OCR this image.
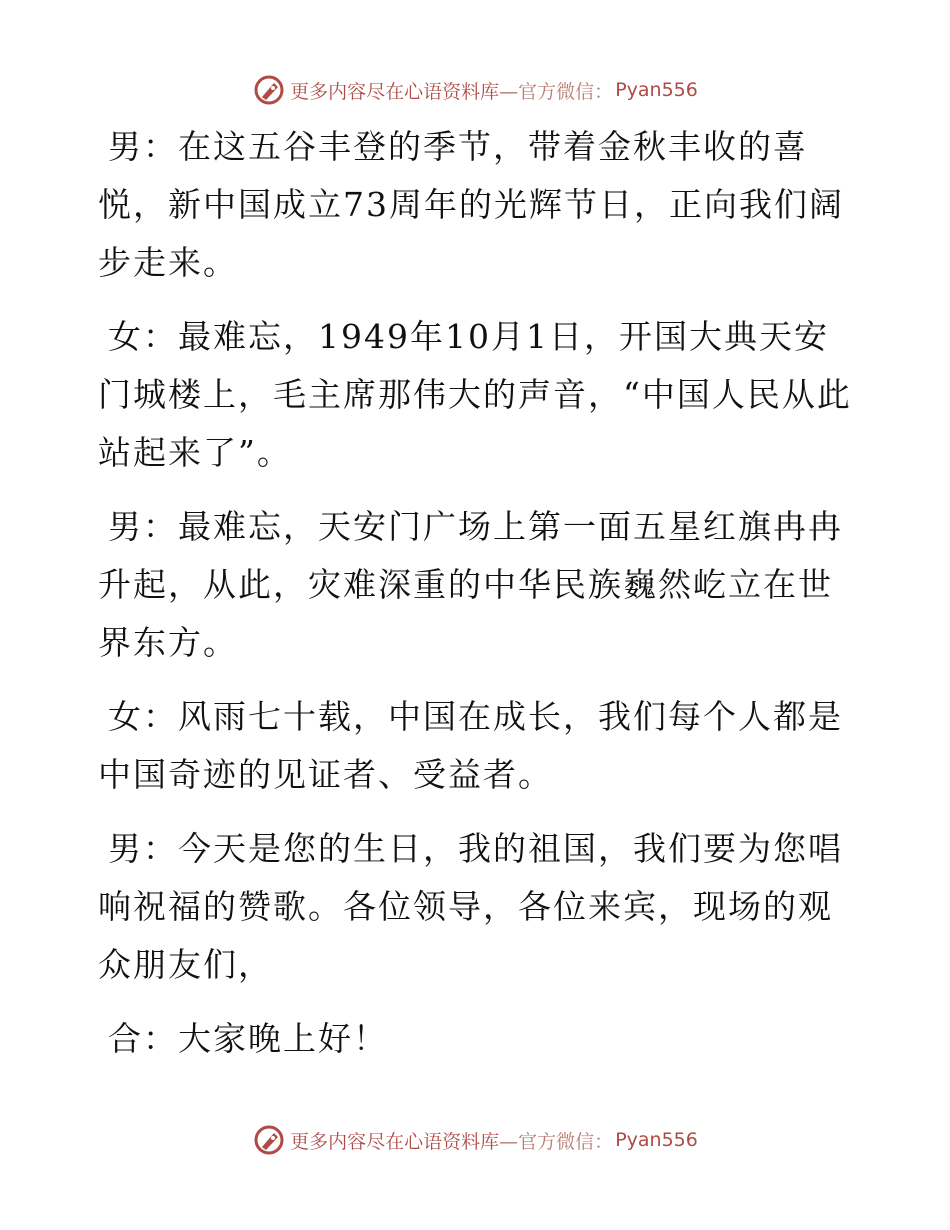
更多内容尽在心语资料库 —官方微信： Pyan556

男：在这五谷丰登的季节，带着金秋丰收的喜悦，新中国成立73周年的光辉节日，正向我们阔步走来。

女：最难忘，1949年10月1日，开国大典天安门城楼上，毛主席那伟大的声音，“中国人民从此站起来了”。

男：最难忘，天安门广场上第一面五星红旗冉冉升起，从此，灾难深重的中华民族巍然屹立在世界东方。

女：风雨七十载，中国在成长，我们每个人都是中国奇迹的见证者、受益者。

男：今天是您的生日，我的祖国，我们要为您唱响祝福的赞歌。各位领导，各位来宾，现场的观众朋友们，

合：大家晚上好！

更多内容尽在心语资料库 —官方微信： Pyan556
